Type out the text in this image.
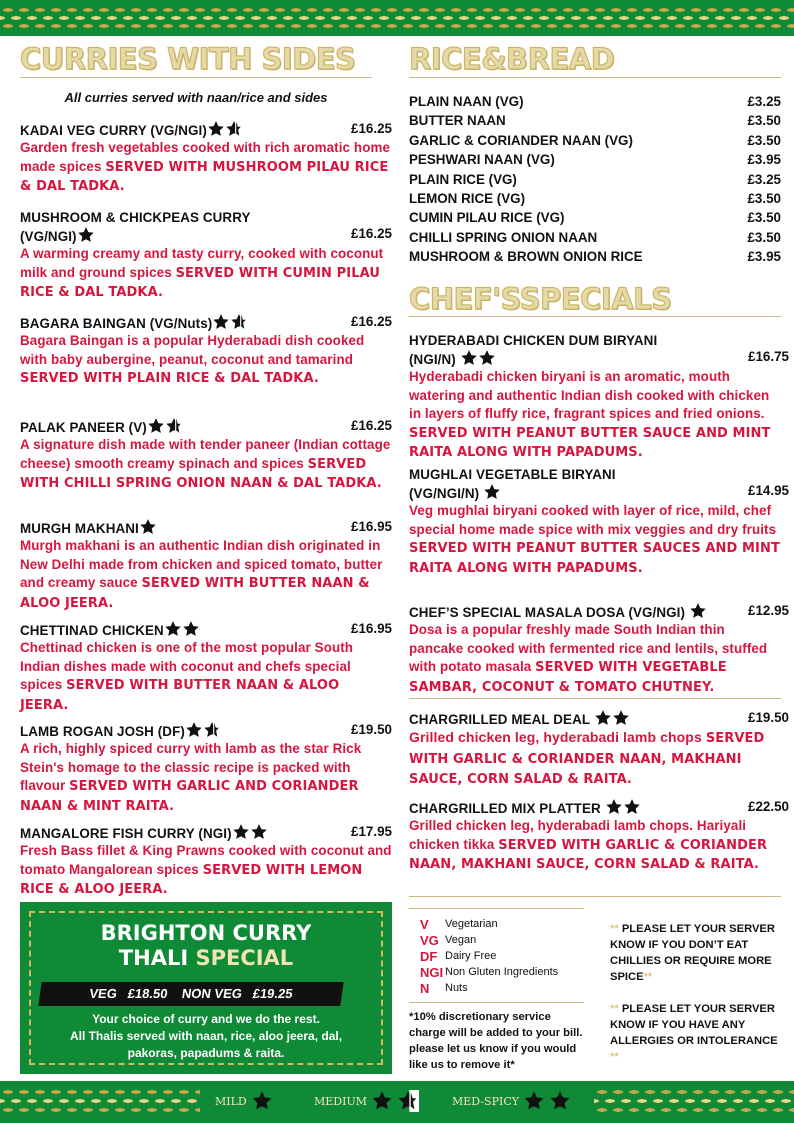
CURRIES WITH SIDES RICE&BREAD
All curries served with naan/rice and sides
KADAI VEG CURRY (VG/NGI)	£16.25
Garden fresh vegetables cooked with rich aromatic home made spices SERVED WITH MUSHROOM PILAU RICE & DAL TADKA.
MUSHROOM & CHICKPEAS CURRY
(VG/NGI)	£16.25
A warming creamy and tasty curry, cooked with coconut milk and ground spices SERVED WITH CUMIN PILAU RICE & DAL TADKA.
BAGARA BAINGAN (VG/Nuts)	£16.25
Bagara Baingan is a popular Hyderabadi dish cooked with baby aubergine, peanut, coconut and tamarind SERVED WITH PLAIN RICE & DAL TADKA.
PALAK PANEER (V)	£16.25
A signature dish made with tender paneer (Indian cottage cheese) smooth creamy spinach and spices SERVED WITH CHILLI SPRING ONION NAAN & DAL TADKA.
MURGH MAKHANI	£16.95
Murgh makhani is an authentic Indian dish originated in New Delhi made from chicken and spiced tomato, butter and creamy sauce SERVED WITH BUTTER NAAN & ALOO JEERA.
CHETTINAD CHICKEN	£16.95
Chettinad chicken is one of the most popular South Indian dishes made with coconut and chefs special spices SERVED WITH BUTTER NAAN & ALOO JEERA.
LAMB ROGAN JOSH (DF)	£19.50
A rich, highly spiced curry with lamb as the star Rick Stein's homage to the classic recipe is packed with flavour SERVED WITH GARLIC AND CORIANDER NAAN & MINT RAITA.
MANGALORE FISH CURRY (NGI)	£17.95
Fresh Bass fillet & King Prawns cooked with coconut and tomato Mangalorean spices SERVED WITH LEMON RICE & ALOO JEERA.
PLAIN NAAN (VG)	£3.25
BUTTER NAAN	£3.50
GARLIC & CORIANDER NAAN (VG)	£3.50
PESHWARI NAAN (VG)	£3.95
PLAIN RICE (VG)	£3.25
LEMON RICE (VG)	£3.50
CUMIN PILAU RICE (VG)	£3.50
CHILLI SPRING ONION NAAN	£3.50
MUSHROOM & BROWN ONION RICE	£3.95
CHEF'SSPECIALS
HYDERABADI CHICKEN DUM BIRYANI
(NGI/N)	£16.75
Hyderabadi chicken biryani is an aromatic, mouth watering and authentic Indian dish cooked with chicken in layers of fluffy rice, fragrant spices and fried onions. SERVED WITH PEANUT BUTTER SAUCE AND MINT RAITA ALONG WITH PAPADUMS.
MUGHLAI VEGETABLE BIRYANI
(VG/NGI/N)	£14.95
Veg mughlai biryani cooked with layer of rice, mild, chef special home made spice with mix veggies and dry fruits SERVED WITH PEANUT BUTTER SAUCES AND MINT RAITA ALONG WITH PAPADUMS.
CHEF’S SPECIAL MASALA DOSA (VG/NGI)	£12.95
Dosa is a popular freshly made South Indian thin pancake cooked with fermented rice and lentils, stuffed with potato masala SERVED WITH VEGETABLE SAMBAR, COCONUT & TOMATO CHUTNEY.
CHARGRILLED MEAL DEAL	£19.50
Grilled chicken leg, hyderabadi lamb chops SERVED WITH GARLIC & CORIANDER NAAN, MAKHANI SAUCE, CORN SALAD & RAITA.
CHARGRILLED MIX PLATTER	£22.50
Grilled chicken leg, hyderabadi lamb chops. Hariyali chicken tikka SERVED WITH GARLIC & CORIANDER NAAN, MAKHANI SAUCE, CORN SALAD & RAITA.
BRIGHTON CURRY
THALI SPECIAL
VEG £18.50 NON VEG £19.25
Your choice of curry and we do the rest.
All Thalis served with naan, rice, aloo jeera, dal,
pakoras, papadums & raita.
V	Vegetarian
VG Vegan
DF Dairy Free
NGI Non Gluten Ingredients
N	Nuts
*10% discretionary service charge will be added to your bill. please let us know if you would like us to remove it*
** PLEASE LET YOUR SERVER KNOW IF YOU DON’T EAT CHILLIES OR REQUIRE MORE SPICE**
** PLEASE LET YOUR SERVER KNOW IF YOU HAVE ANY ALLERGIES OR INTOLERANCE **
MILD	MEDIUM	MED-SPICY
